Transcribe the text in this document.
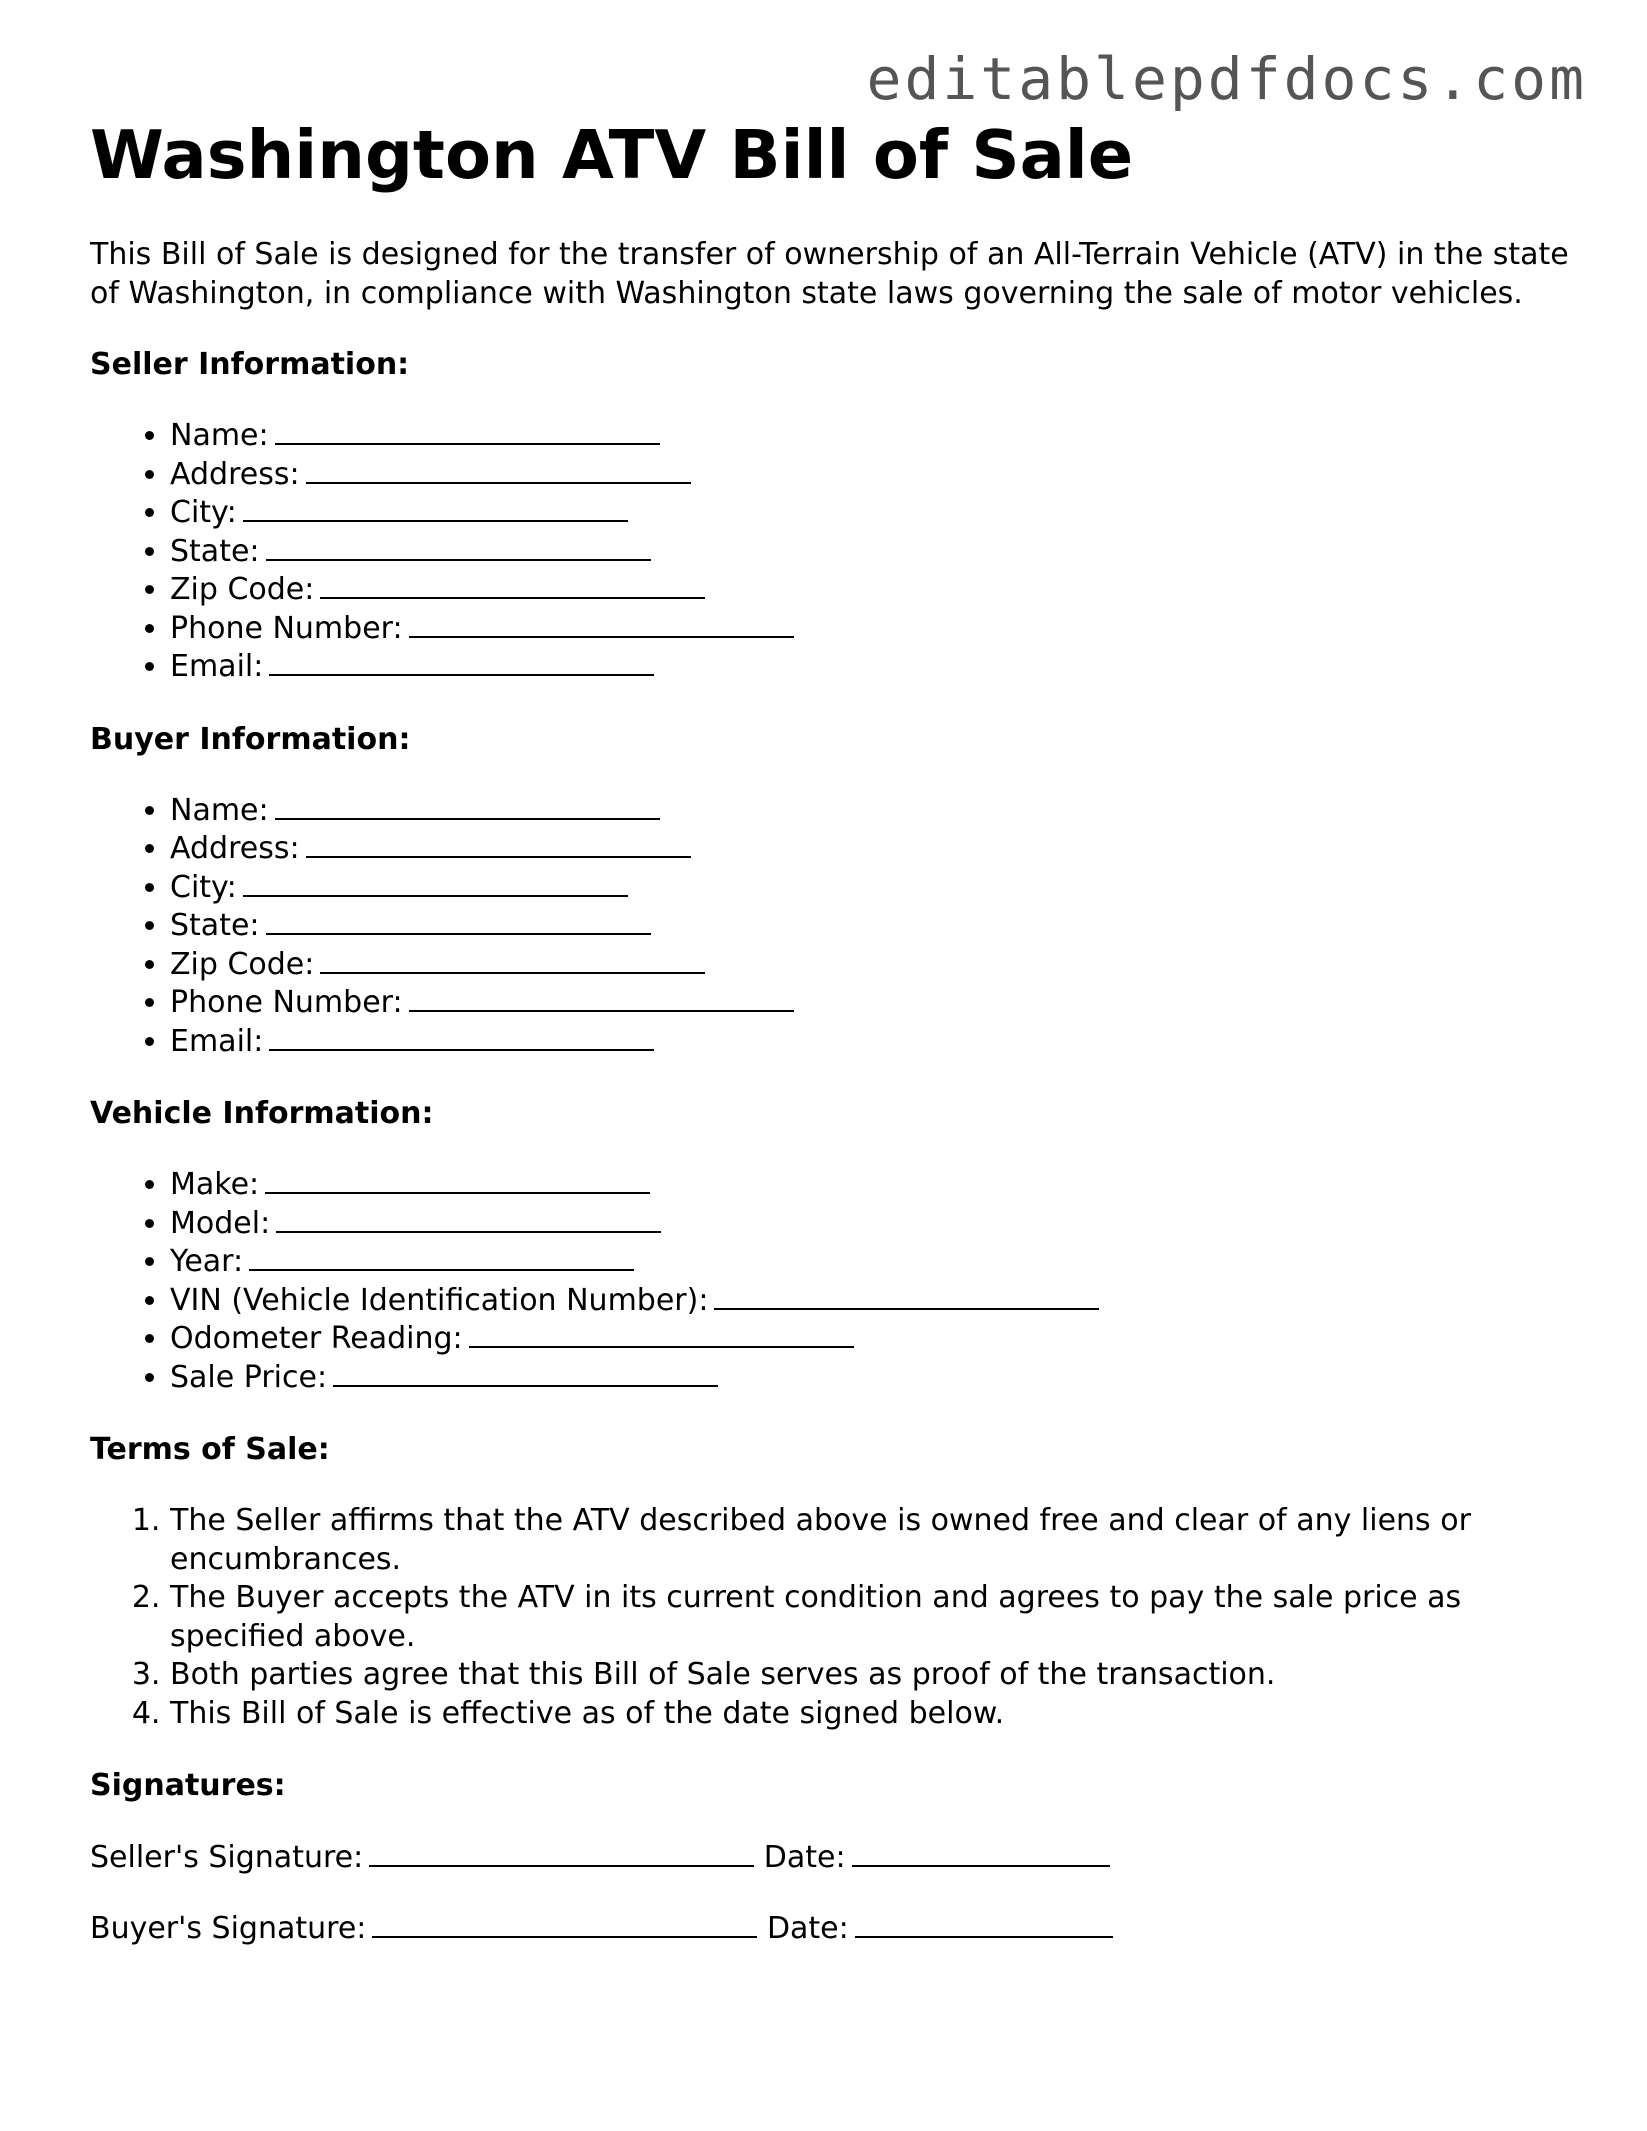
editablepdfdocs.com
Washington ATV Bill of Sale

This Bill of Sale is designed for the transfer of ownership of an All-Terrain Vehicle (ATV) in the state of Washington, in compliance with Washington state laws governing the sale of motor vehicles.

Seller Information:
• Name:
• Address:
• City:
• State:
• Zip Code:
• Phone Number:
• Email:
Buyer Information:
• Name:
• Address:
• City:
• State:
• Zip Code:
• Phone Number:
• Email:
Vehicle Information:
• Make:
• Model:
• Year:
• VIN (Vehicle Identification Number):
• Odometer Reading:
• Sale Price:
Terms of Sale:
1. The Seller affirms that the ATV described above is owned free and clear of any liens or encumbrances.
2. The Buyer accepts the ATV in its current condition and agrees to pay the sale price as specified above.
3. Both parties agree that this Bill of Sale serves as proof of the transaction.
4. This Bill of Sale is effective as of the date signed below.
Signatures:

Seller's Signature:	Date:

Buyer's Signature:	Date:
